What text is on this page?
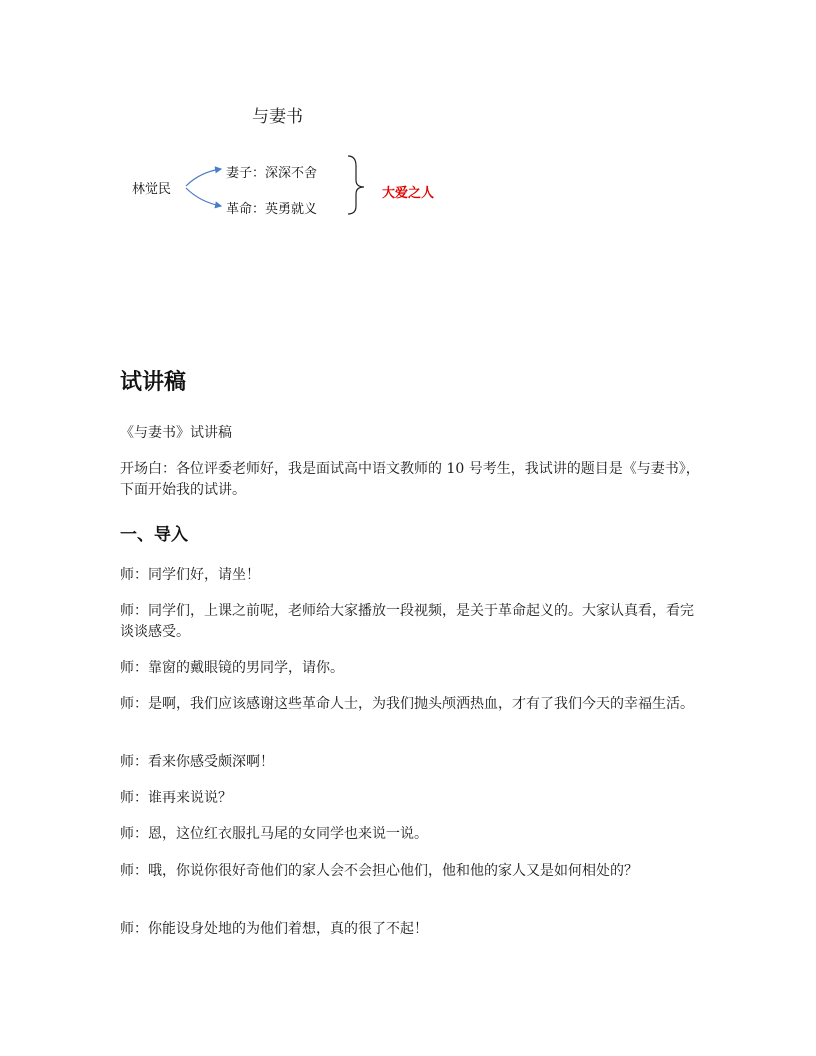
与妻书
林觉民
妻子：深深不舍
革命：英勇就义
大爱之人
试讲稿
《与妻书》试讲稿
开场白：各位评委老师好，我是面试高中语文教师的 10 号考生，我试讲的题目是《与妻书》，下面开始我的试讲。
一、导入
师：同学们好，请坐！
师：同学们，上课之前呢，老师给大家播放一段视频，是关于革命起义的。大家认真看，看完谈谈感受。
师：靠窗的戴眼镜的男同学，请你。
师：是啊，我们应该感谢这些革命人士，为我们抛头颅洒热血，才有了我们今天的幸福生活。
师：看来你感受颇深啊！
师：谁再来说说？
师：恩，这位红衣服扎马尾的女同学也来说一说。
师：哦，你说你很好奇他们的家人会不会担心他们，他和他的家人又是如何相处的？
师：你能设身处地的为他们着想，真的很了不起！
